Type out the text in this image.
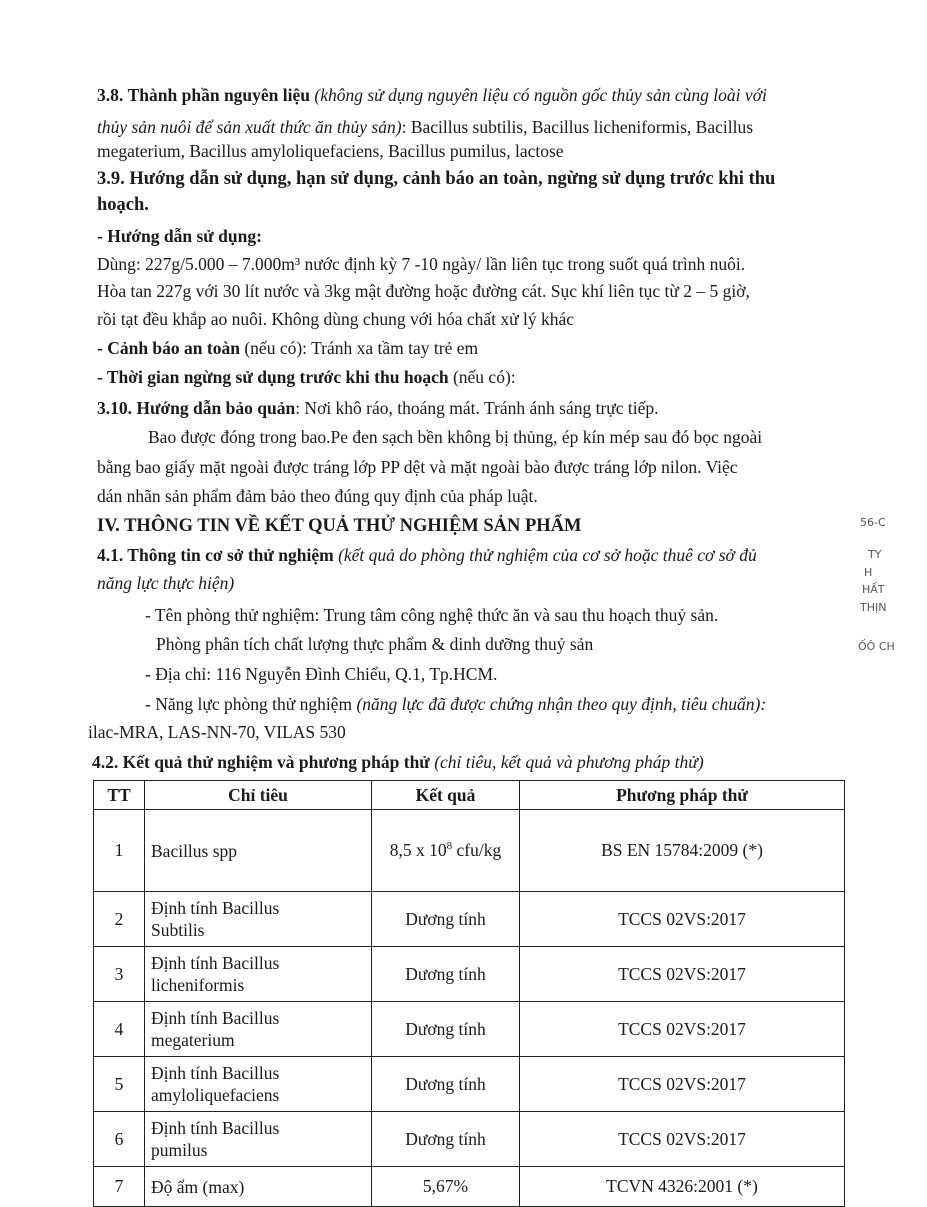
3.8. Thành phần nguyên liệu (không sử dụng nguyên liệu có nguồn gốc thủy sản cùng loài với
thủy sản nuôi để sản xuất thức ăn thủy sản): Bacillus subtilis, Bacillus licheniformis, Bacillus
megaterium, Bacillus amyloliquefaciens, Bacillus pumilus, lactose
3.9. Hướng dẫn sử dụng, hạn sử dụng, cảnh báo an toàn, ngừng sử dụng trước khi thu
hoạch.
- Hướng dẫn sử dụng:
Dùng: 227g/5.000 – 7.000m³ nước định kỳ 7 -10 ngày/ lần liên tục trong suốt quá trình nuôi.
Hòa tan 227g với 30 lít nước và 3kg mật đường hoặc đường cát. Sục khí liên tục từ 2 – 5 giờ,
rồi tạt đều khắp ao nuôi. Không dùng chung với hóa chất xử lý khác
- Cảnh báo an toàn (nếu có): Tránh xa tầm tay trẻ em
- Thời gian ngừng sử dụng trước khi thu hoạch (nếu có):
3.10. Hướng dẫn bảo quản: Nơi khô ráo, thoáng mát. Tránh ánh sáng trực tiếp.
Bao được đóng trong bao.Pe đen sạch bền không bị thủng, ép kín mép sau đó bọc ngoài
bằng bao giấy mặt ngoài được tráng lớp PP dệt và mặt ngoài bào được tráng lớp nilon. Việc
dán nhãn sản phẩm đảm bảo theo đúng quy định của pháp luật.
IV. THÔNG TIN VỀ KẾT QUẢ THỬ NGHIỆM SẢN PHẨM
4.1. Thông tin cơ sở thử nghiệm (kết quả do phòng thử nghiệm của cơ sở hoặc thuê cơ sở đủ
năng lực thực hiện)
- Tên phòng thử nghiệm: Trung tâm công nghệ thức ăn và sau thu hoạch thuỷ sản.
Phòng phân tích chất lượng thực phẩm & dinh dưỡng thuỷ sản
- Địa chỉ: 116 Nguyễn Đình Chiểu, Q.1, Tp.HCM.
- Năng lực phòng thử nghiệm (năng lực đã được chứng nhận theo quy định, tiêu chuẩn):
ilac-MRA, LAS-NN-70, VILAS 530
4.2. Kết quả thử nghiệm và phương pháp thử (chỉ tiêu, kết quả và phương pháp thử)
TT	Chỉ tiêu	Kết quả	Phương pháp thử
1	Bacillus spp	8,5 x $10^8$ cfu/kg	BS EN 15784:2009 (*)
2	Định tính Bacillus
Subtilis	Dương tính	TCCS 02VS:2017
3	Định tính Bacillus
licheniformis	Dương tính	TCCS 02VS:2017
4	Định tính Bacillus
megaterium	Dương tính	TCCS 02VS:2017
5	Định tính Bacillus
amyloliquefaciens	Dương tính	TCCS 02VS:2017
6	Định tính Bacillus
pumilus	Dương tính	TCCS 02VS:2017
7	Độ ẩm (max)	5,67%	TCVN 4326:2001 (*)
56-C
TY
H
HẤT
THỊN
ỐÔ CH
